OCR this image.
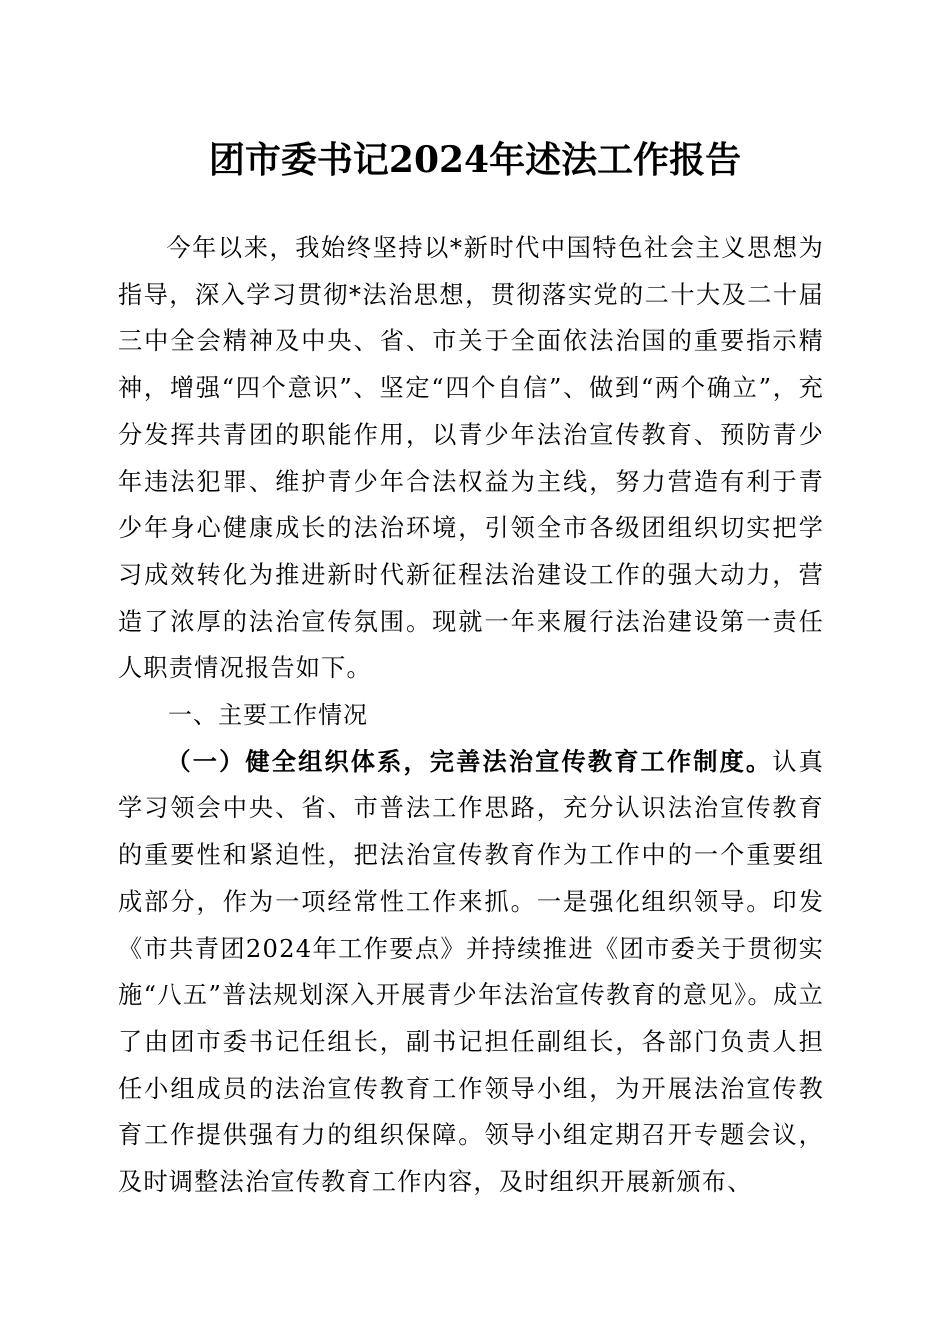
团市委书记2024年述法工作报告

今年以来，我始终坚持以*新时代中国特色社会主义思想为指导，深入学习贯彻*法治思想，贯彻落实党的二十大及二十届三中全会精神及中央、省、市关于全面依法治国的重要指示精神，增强“四个意识”、坚定“四个自信”、做到“两个确立”，充分发挥共青团的职能作用，以青少年法治宣传教育、预防青少年违法犯罪、维护青少年合法权益为主线，努力营造有利于青少年身心健康成长的法治环境，引领全市各级团组织切实把学习成效转化为推进新时代新征程法治建设工作的强大动力，营造了浓厚的法治宣传氛围。现就一年来履行法治建设第一责任人职责情况报告如下。

一、主要工作情况

（一）健全组织体系，完善法治宣传教育工作制度。认真学习领会中央、省、市普法工作思路，充分认识法治宣传教育的重要性和紧迫性，把法治宣传教育作为工作中的一个重要组成部分，作为一项经常性工作来抓。一是强化组织领导。印发《市共青团2024年工作要点》并持续推进《团市委关于贯彻实施“八五”普法规划深入开展青少年法治宣传教育的意见》。成立了由团市委书记任组长，副书记担任副组长，各部门负责人担任小组成员的法治宣传教育工作领导小组，为开展法治宣传教育工作提供强有力的组织保障。领导小组定期召开专题会议，及时调整法治宣传教育工作内容，及时组织开展新颁布、
